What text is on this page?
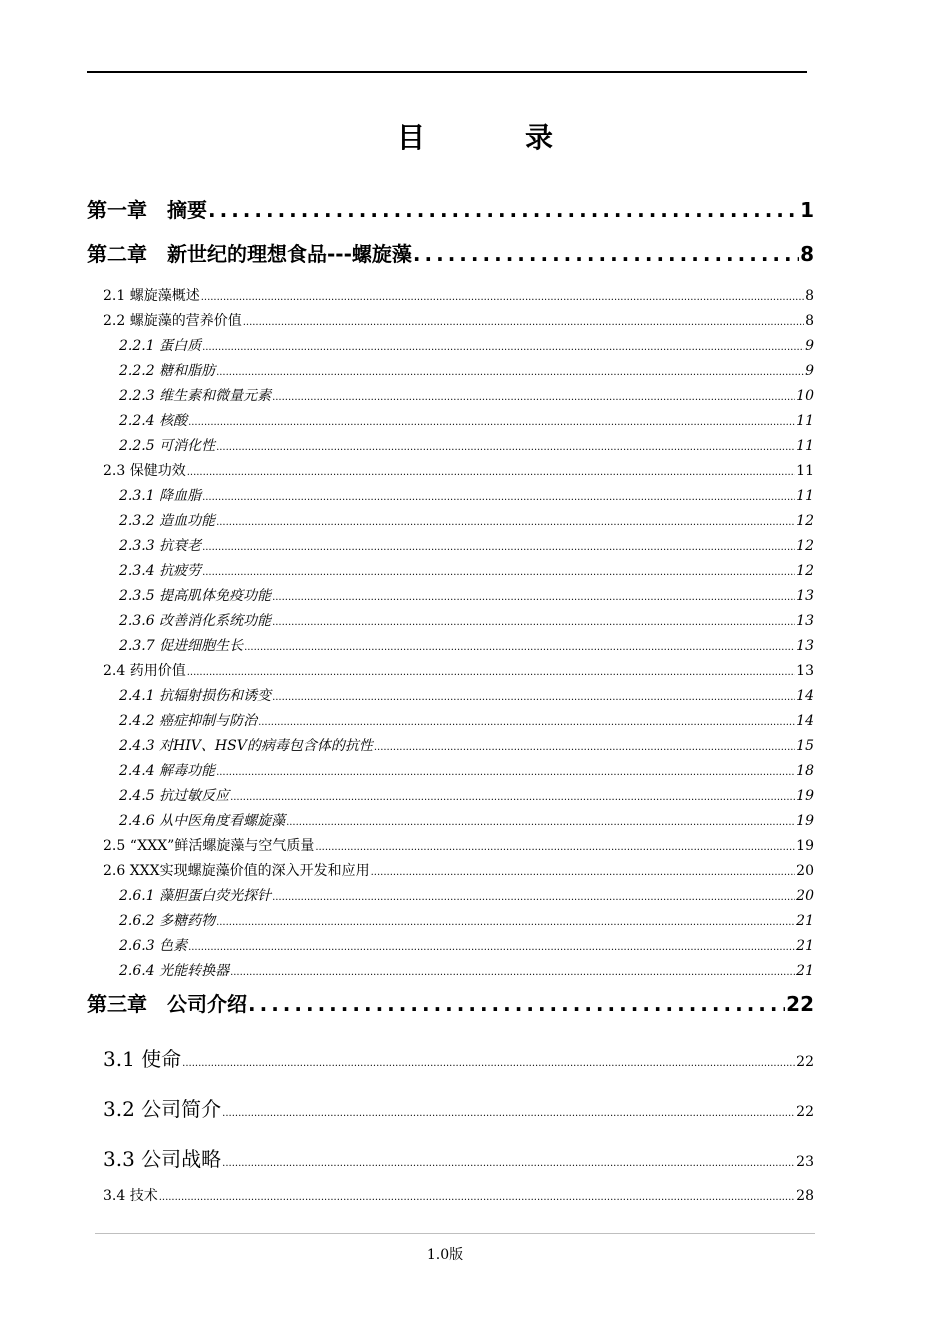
目　录
第一章　摘要 .....	1
第二章　新世纪的理想食品---螺旋藻 .....	8
2.1 螺旋藻概述 .....	8
2.2 螺旋藻的营养价值 .....	8
2.2.1 蛋白质 .....	9
2.2.2 糖和脂肪 .....	9
2.2.3 维生素和微量元素 .....	10
2.2.4 核酸 .....	11
2.2.5 可消化性 .....	11
2.3 保健功效 .....	11
2.3.1 降血脂 .....	11
2.3.2 造血功能 .....	12
2.3.3 抗衰老 .....	12
2.3.4 抗疲劳 .....	12
2.3.5 提高肌体免疫功能 .....	13
2.3.6 改善消化系统功能 .....	13
2.3.7 促进细胞生长 .....	13
2.4 药用价值 .....	13
2.4.1 抗辐射损伤和诱变 .....	14
2.4.2 癌症抑制与防治 .....	14
2.4.3 对HIV、HSV的病毒包含体的抗性 .....	15
2.4.4 解毒功能 .....	18
2.4.5 抗过敏反应 .....	19
2.4.6 从中医角度看螺旋藻 .....	19
2.5 “XXX”鲜活螺旋藻与空气质量 .....	19
2.6 XXX实现螺旋藻价值的深入开发和应用 .....	20
2.6.1 藻胆蛋白荧光探针 .....	20
2.6.2 多糖药物 .....	21
2.6.3 色素 .....	21
2.6.4 光能转换器 .....	21
第三章　公司介绍 .....	22
3.1 使命 .....	22
3.2 公司简介 .....	22
3.3 公司战略 .....	23
3.4 技术 .....	28
1.0版
